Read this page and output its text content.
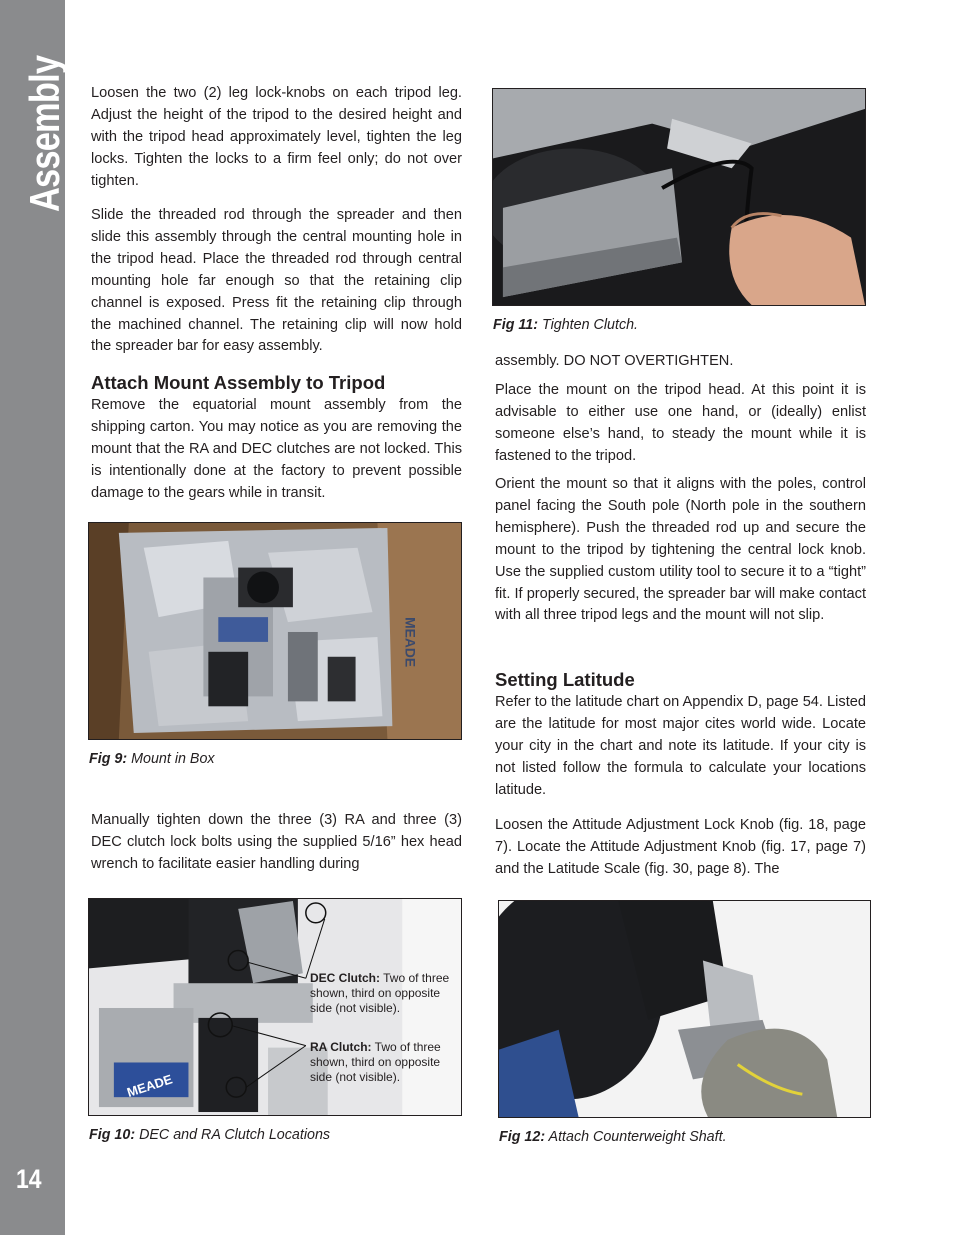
Assembly
14

Loosen the two (2) leg lock-knobs on each tripod leg. Adjust the height of the tripod to the desired height and with the tripod head approximately level, tighten the leg locks. Tighten the locks to a firm feel only; do not over tighten.

Slide the threaded rod through the spreader and then slide this assembly through the central mounting hole in the tripod head. Place the threaded rod through central mounting hole far enough so that the retaining clip channel is exposed. Press fit the retaining clip through the machined channel. The retaining clip will now hold the spreader bar for easy assembly.

Attach Mount Assembly to Tripod

Remove the equatorial mount assembly from the shipping carton. You may notice as you are removing the mount that the RA and DEC clutches are not locked. This is intentionally done at the factory to prevent possible damage to the gears while in transit.

MEADE

Fig 9: Mount in Box

Manually tighten down the three (3) RA and three (3) DEC clutch lock bolts using the supplied 5/16” hex head wrench to facilitate easier handling during

MEADE
DEC Clutch: Two of three shown, third on opposite side (not visible).
RA Clutch: Two of three shown, third on opposite side (not visible).

Fig 10: DEC and RA Clutch Locations

Fig 11: Tighten Clutch.

assembly. DO NOT OVERTIGHTEN.

Place the mount on the tripod head. At this point it is advisable to either use one hand, or (ideally) enlist someone else’s hand, to steady the mount while it is fastened to the tripod.

Orient the mount so that it aligns with the poles, control panel facing the South pole (North pole in the southern hemisphere). Push the threaded rod up and secure the mount to the tripod by tightening the central lock knob. Use the supplied custom utility tool to secure it to a “tight” fit. If properly secured, the spreader bar will make contact with all three tripod legs and the mount will not slip.

Setting Latitude

Refer to the latitude chart on Appendix D, page 54. Listed are the latitude for most major cites world wide. Locate your city in the chart and note its latitude. If your city is not listed follow the formula to calculate your locations latitude.

Loosen the Attitude Adjustment Lock Knob (fig. 18, page 7). Locate the Attitude Adjustment Knob (fig. 17, page 7) and the Latitude Scale (fig. 30, page 8). The

Fig 12: Attach Counterweight Shaft.
